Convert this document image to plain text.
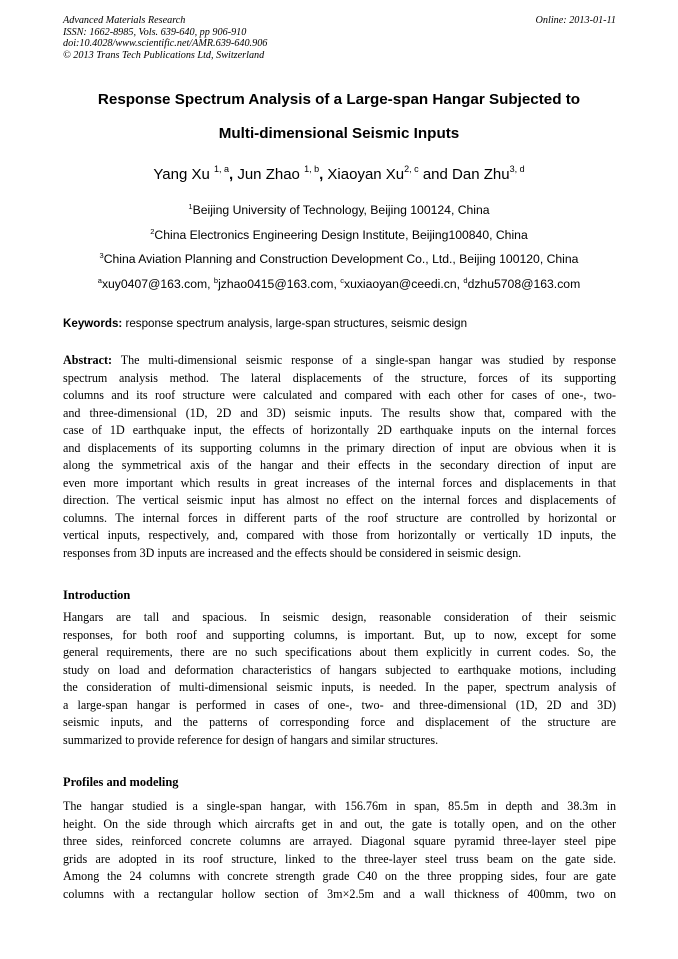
Advanced Materials Research
ISSN: 1662-8985, Vols. 639-640, pp 906-910
doi:10.4028/www.scientific.net/AMR.639-640.906
© 2013 Trans Tech Publications Ltd, Switzerland
Online: 2013-01-11
Response Spectrum Analysis of a Large-span Hangar Subjected to
Multi-dimensional Seismic Inputs
Yang Xu $^{1, a}$, Jun Zhao $^{1, b}$, Xiaoyan Xu$^{2, c}$ and Dan Zhu$^{3, d}$
$^1$Beijing University of Technology, Beijing 100124, China
$^2$China Electronics Engineering Design Institute, Beijing100840, China
$^3$China Aviation Planning and Construction Development Co., Ltd., Beijing 100120, China
$^a$xuy0407@163.com, $^b$jzhao0415@163.com, $^c$xuxiaoyan@ceedi.cn, $^d$dzhu5708@163.com
Keywords: response spectrum analysis, large-span structures, seismic design
Abstract: The multi-dimensional seismic response of a single-span hangar was studied by response
spectrum analysis method. The lateral displacements of the structure, forces of its supporting
columns and its roof structure were calculated and compared with each other for cases of one-, two-
and three-dimensional (1D, 2D and 3D) seismic inputs. The results show that, compared with the
case of 1D earthquake input, the effects of horizontally 2D earthquake inputs on the internal forces
and displacements of its supporting columns in the primary direction of input are obvious when it is
along the symmetrical axis of the hangar and their effects in the secondary direction of input are
even more important which results in great increases of the internal forces and displacements in that
direction. The vertical seismic input has almost no effect on the internal forces and displacements of
columns. The internal forces in different parts of the roof structure are controlled by horizontal or
vertical inputs, respectively, and, compared with those from horizontally or vertically 1D inputs, the
responses from 3D inputs are increased and the effects should be considered in seismic design.
Introduction
Hangars are tall and spacious. In seismic design, reasonable consideration of their seismic
responses, for both roof and supporting columns, is important. But, up to now, except for some
general requirements, there are no such specifications about them explicitly in current codes. So, the
study on load and deformation characteristics of hangars subjected to earthquake motions, including
the consideration of multi-dimensional seismic inputs, is needed. In the paper, spectrum analysis of
a large-span hangar is performed in cases of one-, two- and three-dimensional (1D, 2D and 3D)
seismic inputs, and the patterns of corresponding force and displacement of the structure are
summarized to provide reference for design of hangars and similar structures.
Profiles and modeling
The hangar studied is a single-span hangar, with 156.76m in span, 85.5m in depth and 38.3m in
height. On the side through which aircrafts get in and out, the gate is totally open, and on the other
three sides, reinforced concrete columns are arrayed. Diagonal square pyramid three-layer steel pipe
grids are adopted in its roof structure, linked to the three-layer steel truss beam on the gate side.
Among the 24 columns with concrete strength grade C40 on the three propping sides, four are gate
columns with a rectangular hollow section of 3m×2.5m and a wall thickness of 400mm, two on
